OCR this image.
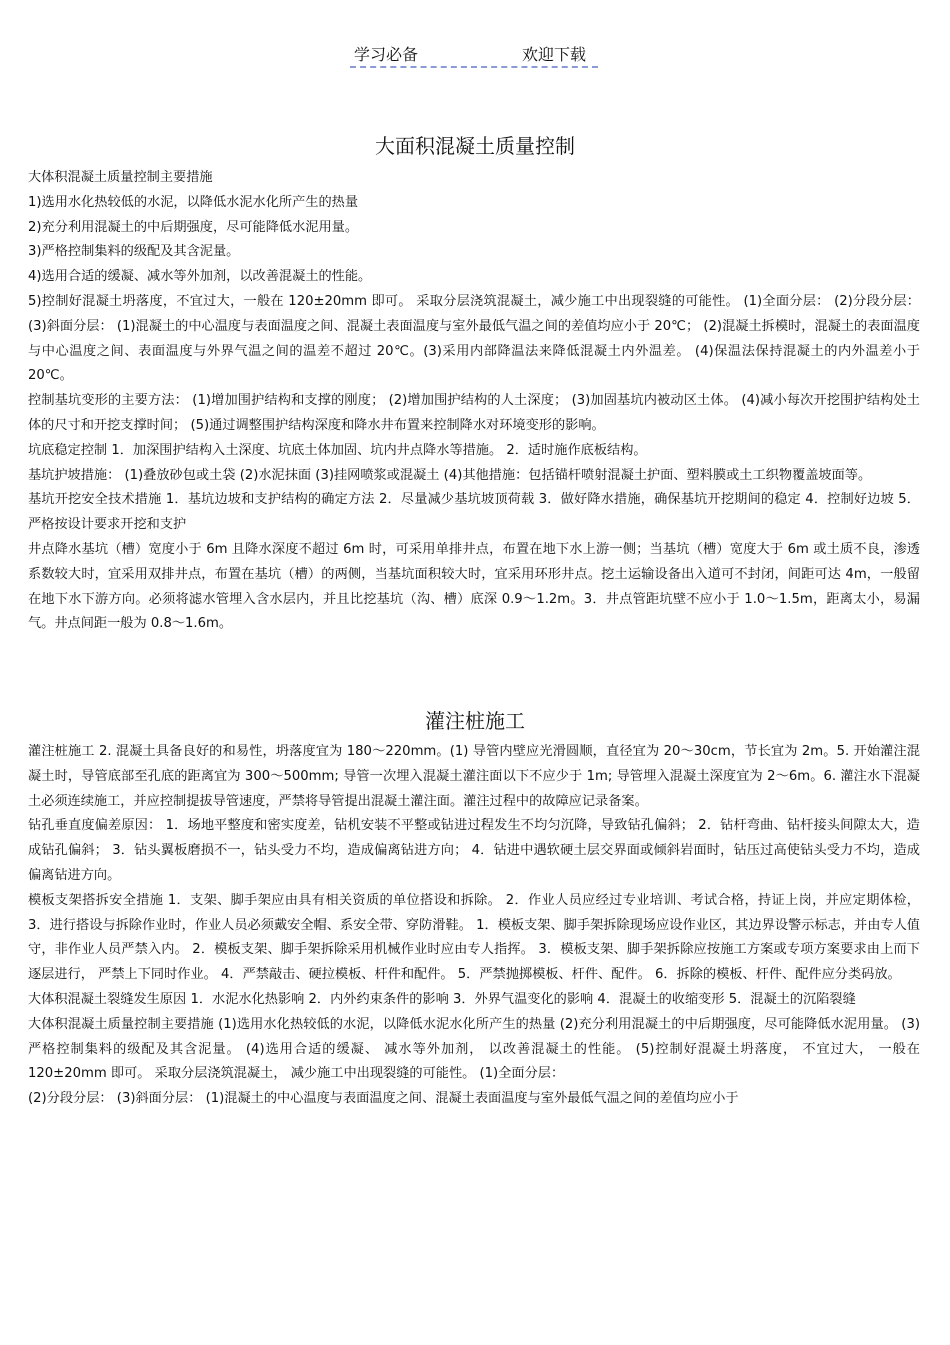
学习必备	欢迎下载
大面积混凝土质量控制

大体积混凝土质量控制主要措施

1)选用水化热较低的水泥，以降低水泥水化所产生的热量

2)充分利用混凝土的中后期强度，尽可能降低水泥用量。

3)严格控制集料的级配及其含泥量。

4)选用合适的缓凝、减水等外加剂，以改善混凝土的性能。

5)控制好混凝土坍落度，不宜过大，一般在 120±20mm 即可。 采取分层浇筑混凝土，减少施工中出现裂缝的可能性。 (1)全面分层： (2)分段分层： (3)斜面分层： (1)混凝土的中心温度与表面温度之间、混凝土表面温度与室外最低气温之间的差值均应小于 20℃； (2)混凝土拆模时，混凝土的表面温度与中心温度之间、表面温度与外界气温之间的温差不超过 20℃。(3)采用内部降温法来降低混凝土内外温差。 (4)保温法保持混凝土的内外温差小于 20℃。

控制基坑变形的主要方法： (1)增加围护结构和支撑的刚度； (2)增加围护结构的人土深度； (3)加固基坑内被动区土体。 (4)减小每次开挖围护结构处土体的尺寸和开挖支撑时间； (5)通过调整围护结构深度和降水井布置来控制降水对环境变形的影响。

坑底稳定控制 1．加深围护结构入土深度、坑底土体加固、坑内井点降水等措施。 2．适时施作底板结构。

基坑护坡措施： (1)叠放砂包或土袋 (2)水泥抹面 (3)挂网喷浆或混凝土 (4)其他措施：包括锚杆喷射混凝土护面、塑料膜或土工织物覆盖坡面等。

基坑开挖安全技术措施 1．基坑边坡和支护结构的确定方法 2．尽量减少基坑坡顶荷载 3．做好降水措施，确保基坑开挖期间的稳定 4．控制好边坡 5．严格按设计要求开挖和支护

井点降水基坑（槽）宽度小于 6m 且降水深度不超过 6m 时，可采用单排井点，布置在地下水上游一侧；当基坑（槽）宽度大于 6m 或土质不良，渗透系数较大时，宜采用双排井点，布置在基坑（槽）的两侧，当基坑面积较大时，宜采用环形井点。挖土运输设备出入道可不封闭，间距可达 4m，一般留在地下水下游方向。必须将滤水管埋入含水层内，并且比挖基坑（沟、槽）底深 0.9～1.2m。3．井点管距坑壁不应小于 1.0～1.5m，距离太小，易漏气。井点间距一般为 0.8～1.6m。

灌注桩施工

灌注桩施工 2. 混凝土具备良好的和易性，坍落度宜为 180～220mm。(1) 导管内壁应光滑圆顺，直径宜为 20～30cm，节长宜为 2m。5. 开始灌注混凝土时，导管底部至孔底的距离宜为 300～500mm; 导管一次埋入混凝土灌注面以下不应少于 1m; 导管埋入混凝土深度宜为 2～6m。6. 灌注水下混凝土必须连续施工，并应控制提拔导管速度，严禁将导管提出混凝土灌注面。灌注过程中的故障应记录备案。

钻孔垂直度偏差原因： 1．场地平整度和密实度差，钻机安装不平整或钻进过程发生不均匀沉降，导致钻孔偏斜； 2．钻杆弯曲、钻杆接头间隙太大，造成钻孔偏斜； 3．钻头翼板磨损不一，钻头受力不均，造成偏离钻进方向； 4．钻进中遇软硬土层交界面或倾斜岩面时，钻压过高使钻头受力不均，造成偏离钻进方向。

模板支架搭拆安全措施 1．支架、脚手架应由具有相关资质的单位搭设和拆除。 2．作业人员应经过专业培训、考试合格，持证上岗，并应定期体检， 3．进行搭设与拆除作业时，作业人员必须戴安全帽、系安全带、穿防滑鞋。 1．模板支架、脚手架拆除现场应设作业区，其边界设警示标志，并由专人值守，非作业人员严禁入内。 2．模板支架、脚手架拆除采用机械作业时应由专人指挥。 3．模板支架、脚手架拆除应按施工方案或专项方案要求由上而下逐层进行， 严禁上下同时作业。 4．严禁敲击、硬拉模板、杆件和配件。 5．严禁抛掷模板、杆件、配件。 6．拆除的模板、杆件、配件应分类码放。

大体积混凝土裂缝发生原因 1．水泥水化热影响 2．内外约束条件的影响 3．外界气温变化的影响 4．混凝土的收缩变形 5．混凝土的沉陷裂缝

大体积混凝土质量控制主要措施 (1)选用水化热较低的水泥，以降低水泥水化所产生的热量 (2)充分利用混凝土的中后期强度，尽可能降低水泥用量。 (3)严格控制集料的级配及其含泥量。 (4)选用合适的缓凝、 减水等外加剂， 以改善混凝土的性能。 (5)控制好混凝土坍落度， 不宜过大， 一般在 120±20mm 即可。 采取分层浇筑混凝土， 减少施工中出现裂缝的可能性。 (1)全面分层：

(2)分段分层： (3)斜面分层： (1)混凝土的中心温度与表面温度之间、混凝土表面温度与室外最低气温之间的差值均应小于
